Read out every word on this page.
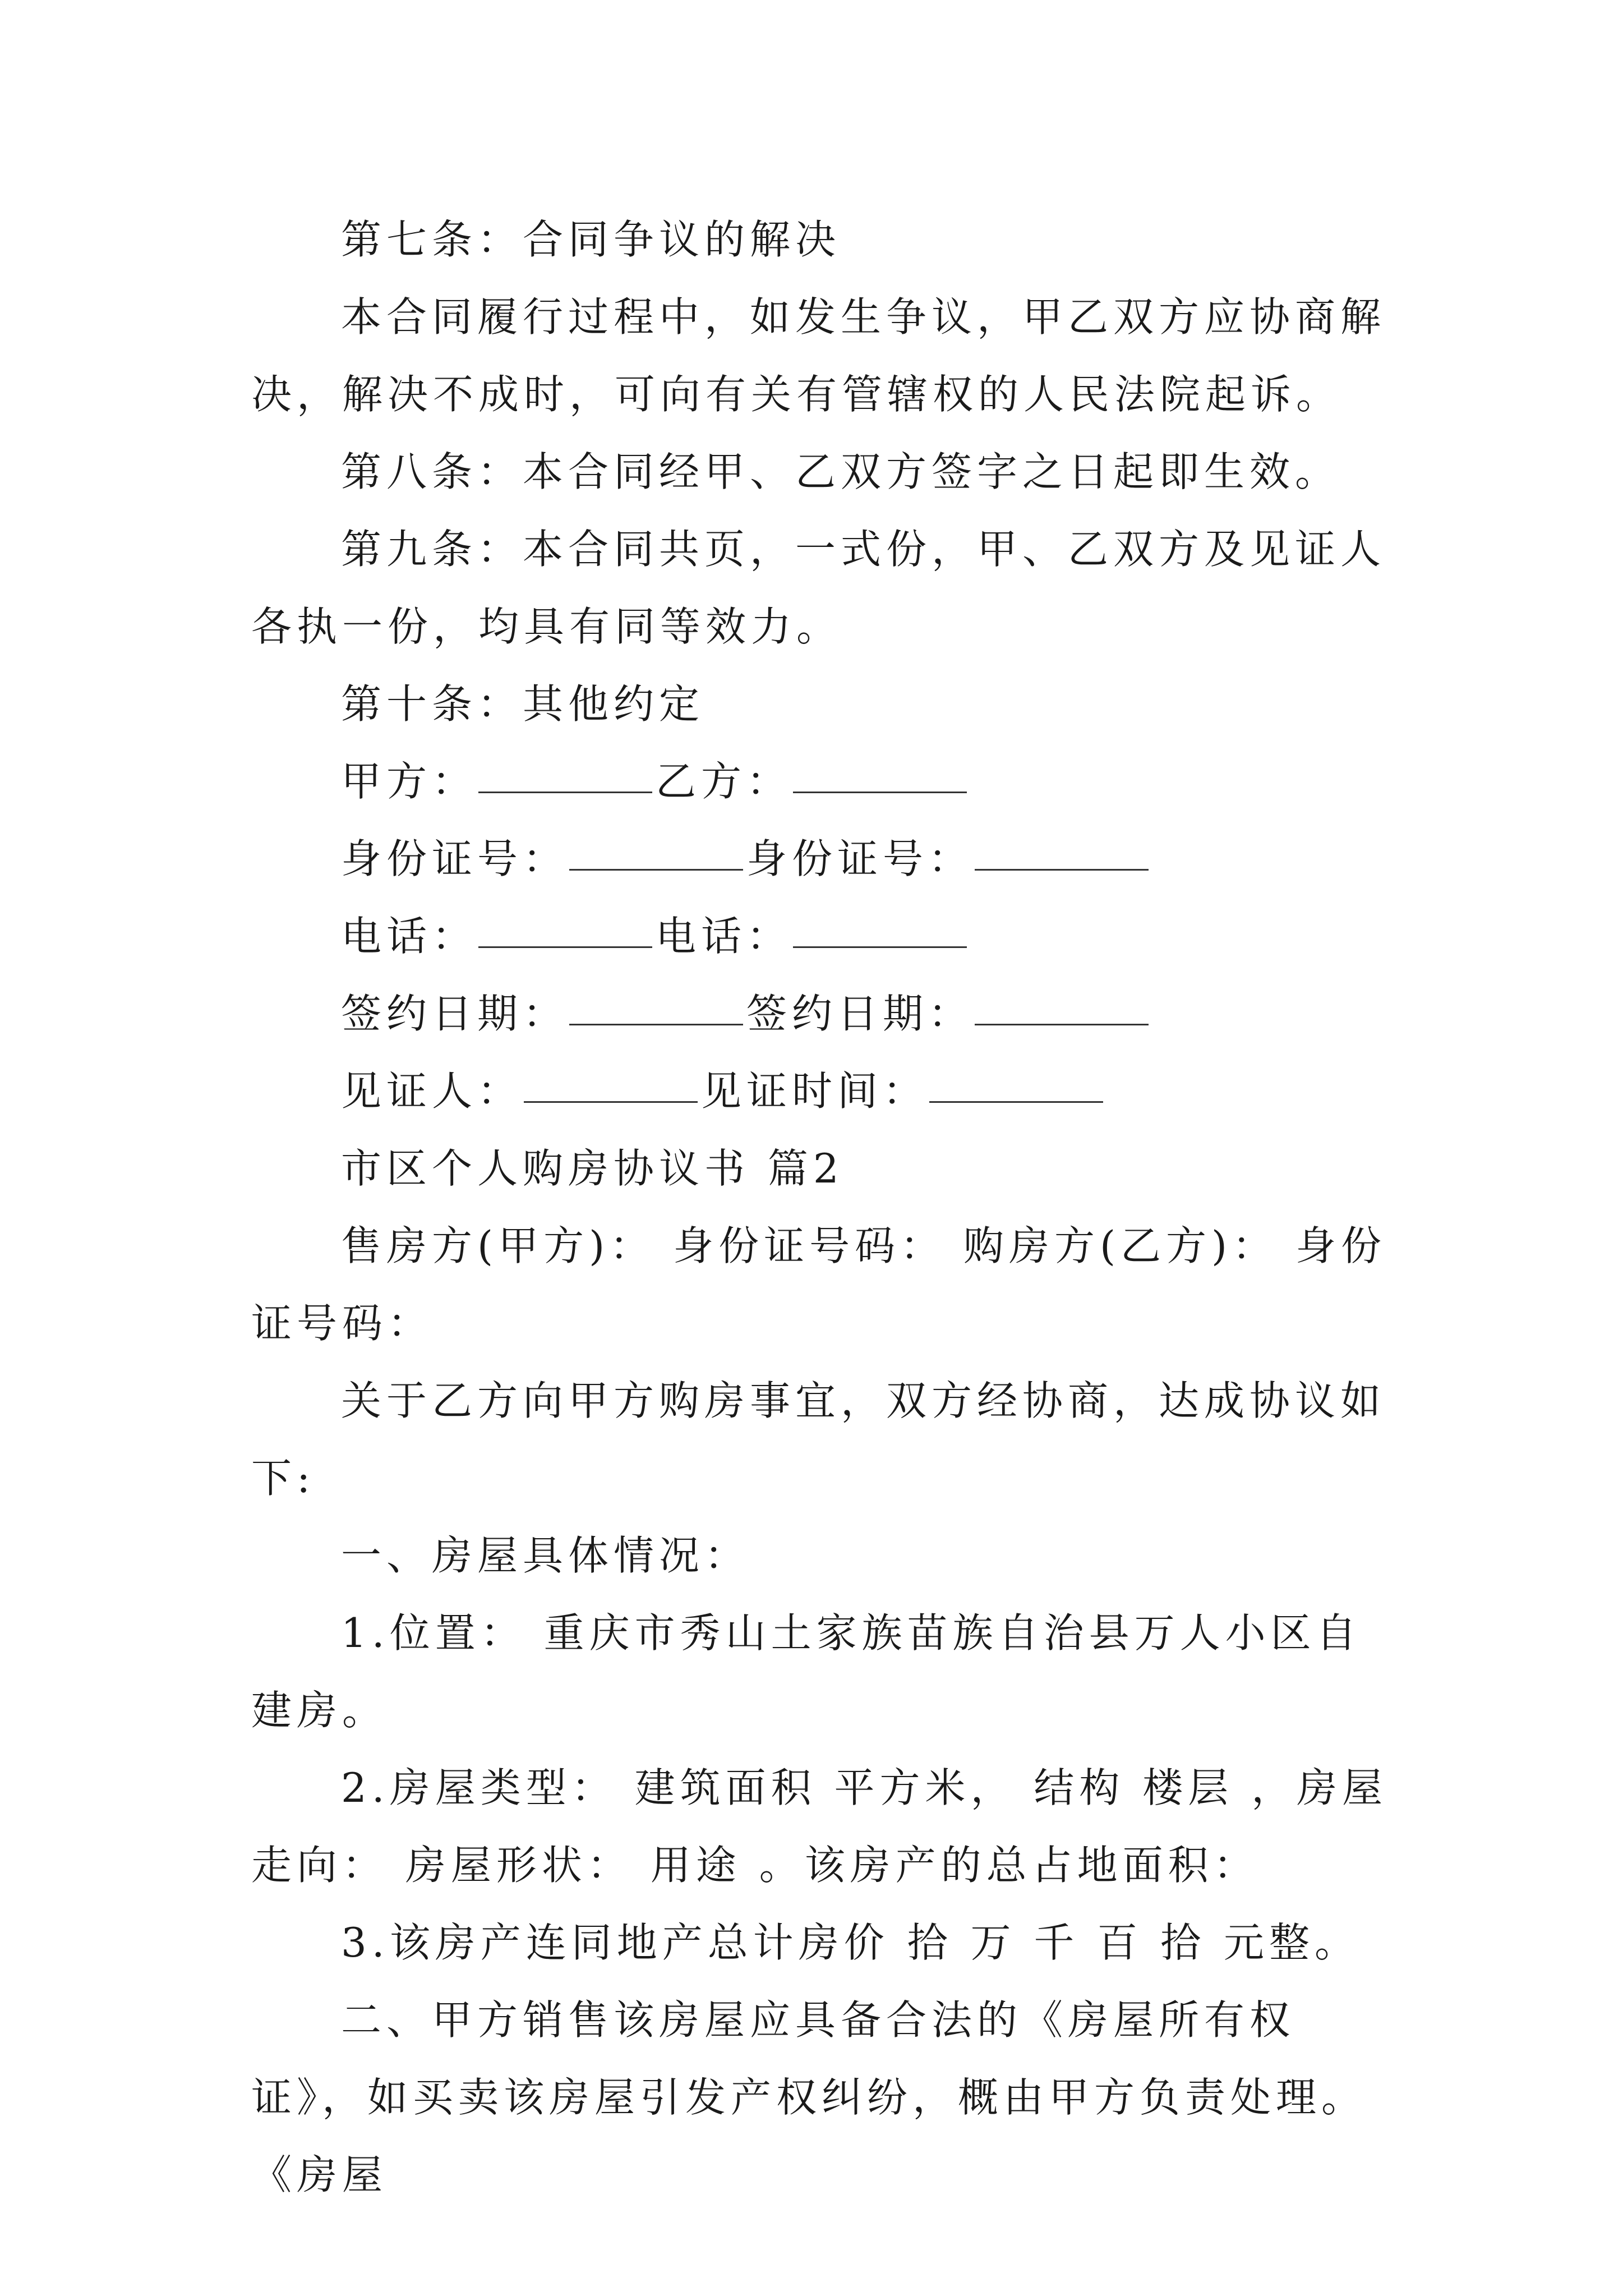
第七条：合同争议的解决

本合同履行过程中，如发生争议，甲乙双方应协商解决，解决不成时，可向有关有管辖权的人民法院起诉。

第八条：本合同经甲、乙双方签字之日起即生效。

第九条：本合同共页，一式份，甲、乙双方及见证人各执一份，均具有同等效力。

第十条：其他约定

甲方：	乙方：

身份证号：	身份证号：

电话：	电话：

签约日期：	签约日期：

见证人：	见证时间：

市区个人购房协议书 篇2

售房方(甲方)： 身份证号码： 购房方(乙方)： 身份证号码：

关于乙方向甲方购房事宜，双方经协商，达成协议如下:

一、房屋具体情况：

1.位置： 重庆市秀山土家族苗族自治县万人小区自建房。

2.房屋类型： 建筑面积 平方米， 结构 楼层 ，房屋走向： 房屋形状： 用途 。该房产的总占地面积：

3.该房产连同地产总计房价 拾 万 千 百 拾 元整。

二、甲方销售该房屋应具备合法的《房屋所有权证》，如买卖该房屋引发产权纠纷，概由甲方负责处理。 《房屋
